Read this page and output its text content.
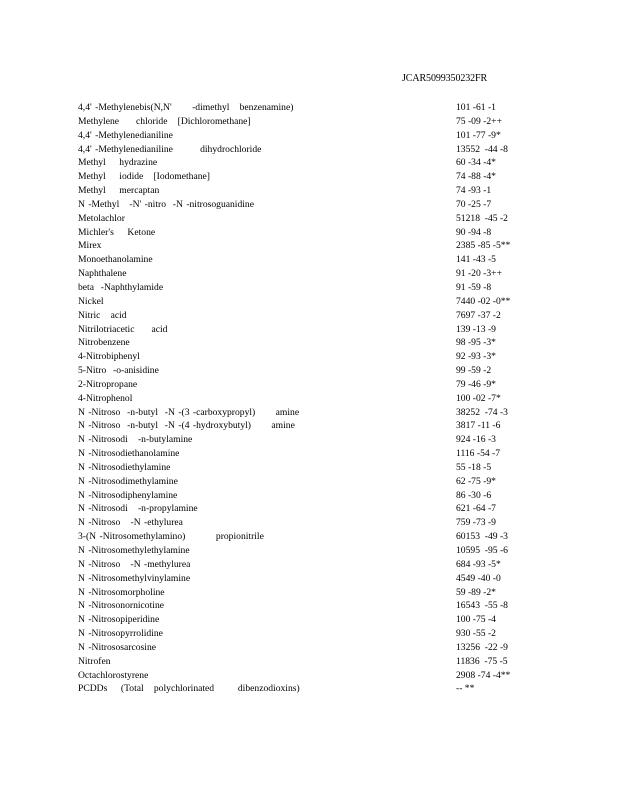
JCAR5099350232FR
4,4' -Methylenebis(N,N'      -dimethyl   benzenamine)	101 -61 -1
Methylene     chloride   [Dichloromethane]	75 -09 -2++
4,4' -Methylenedianiline	101 -77 -9*
4,4' -Methylenedianiline        dihydrochloride	13552  -44 -8
Methyl    hydrazine	60 -34 -4*
Methyl    iodide   [Iodomethane]	74 -88 -4*
Methyl    mercaptan	74 -93 -1
N -Methyl   -N' -nitro  -N -nitrosoguanidine	70 -25 -7
Metolachlor	51218  -45 -2
Michler's    Ketone	90 -94 -8
Mirex	2385 -85 -5**
Monoethanolamine	141 -43 -5
Naphthalene	91 -20 -3++
beta  -Naphthylamide	91 -59 -8
Nickel	7440 -02 -0**
Nitric   acid	7697 -37 -2
Nitrilotriacetic     acid	139 -13 -9
Nitrobenzene	98 -95 -3*
4-Nitrobiphenyl	92 -93 -3*
5-Nitro  -o-anisidine	99 -59 -2
2-Nitropropane	79 -46 -9*
4-Nitrophenol	100 -02 -7*
N -Nitroso  -n-butyl  -N -(3 -carboxypropyl)      amine	38252  -74 -3
N -Nitroso  -n-butyl  -N -(4 -hydroxybutyl)      amine	3817 -11 -6
N -Nitrosodi   -n-butylamine	924 -16 -3
N -Nitrosodiethanolamine	1116 -54 -7
N -Nitrosodiethylamine	55 -18 -5
N -Nitrosodimethylamine	62 -75 -9*
N -Nitrosodiphenylamine	86 -30 -6
N -Nitrosodi   -n-propylamine	621 -64 -7
N -Nitroso   -N -ethylurea	759 -73 -9
3-(N -Nitrosomethylamino)         propionitrile	60153  -49 -3
N -Nitrosomethylethylamine	10595  -95 -6
N -Nitroso   -N -methylurea	684 -93 -5*
N -Nitrosomethylvinylamine	4549 -40 -0
N -Nitrosomorpholine	59 -89 -2*
N -Nitrosonornicotine	16543  -55 -8
N -Nitrosopiperidine	100 -75 -4
N -Nitrosopyrrolidine	930 -55 -2
N -Nitrososarcosine	13256  -22 -9
Nitrofen	11836  -75 -5
Octachlorostyrene	2908 -74 -4**
PCDDs    (Total   polychlorinated       dibenzodioxins)	-- **
